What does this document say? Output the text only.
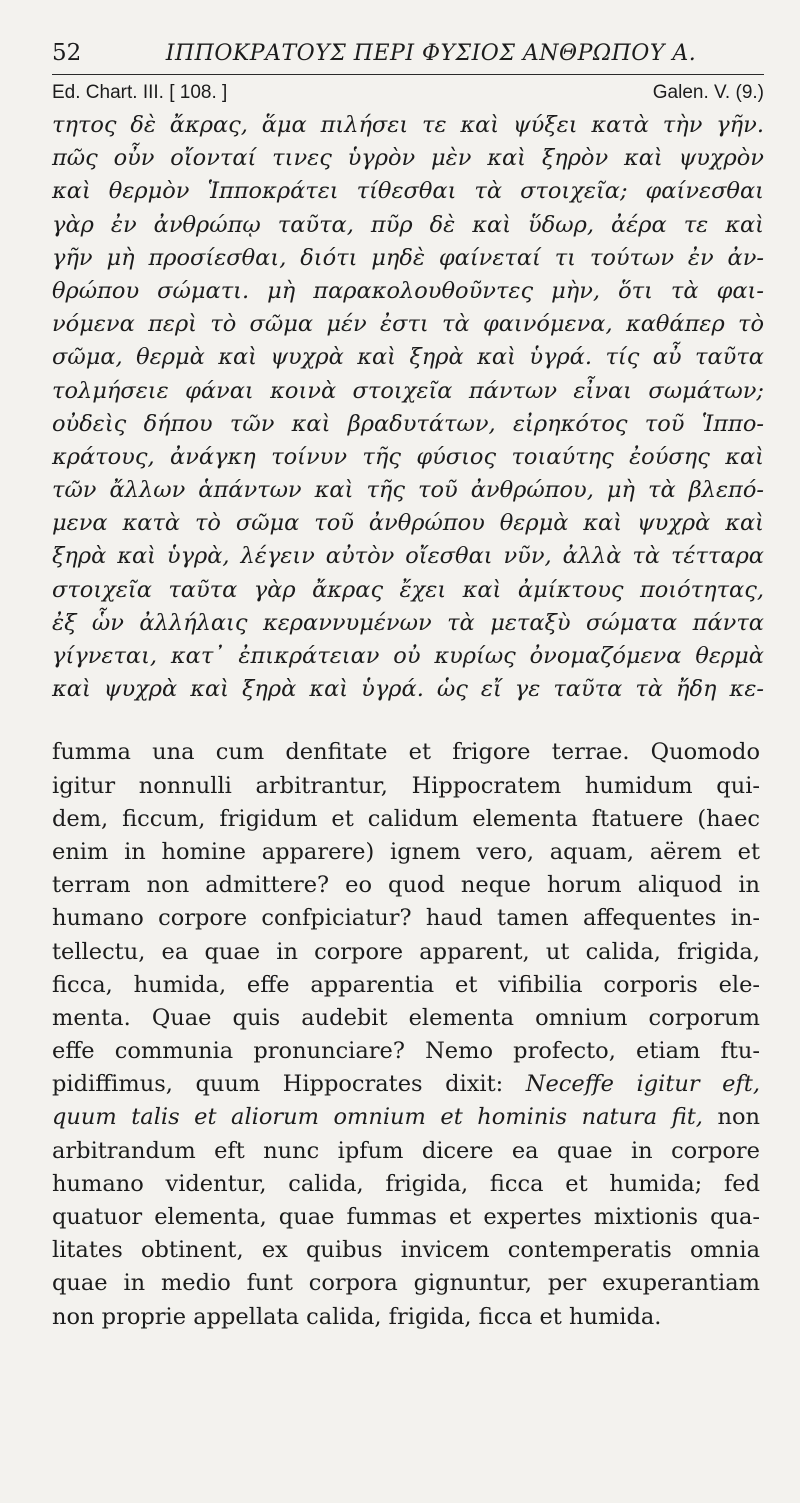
52	ΙΠΠΟΚΡΑΤΟΥΣ ΠΕΡΙ ΦΥΣΙΟΣ ΑΝΘΡΩΠΟΥ Α.
Ed. Chart. III. [ 108. ]	Galen. V. (9.)
τητος δὲ ἄκρας, ἅμα πιλήσει τε καὶ ψύξει κατὰ τὴν γῆν.
πῶς οὖν οἴονταί τινες ὑγρὸν μὲν καὶ ξηρὸν καὶ ψυχρὸν
καὶ θερμὸν Ἱπποκράτει τίθεσθαι τὰ στοιχεῖα; φαίνεσθαι
γὰρ ἐν ἀνθρώπῳ ταῦτα, πῦρ δὲ καὶ ὕδωρ, ἀέρα τε καὶ
γῆν μὴ προσίεσθαι, διότι μηδὲ φαίνεταί τι τούτων ἐν ἀν-
θρώπου σώματι. μὴ παρακολουθοῦντες μὴν, ὅτι τὰ φαι-
νόμενα περὶ τὸ σῶμα μέν ἐστι τὰ φαινόμενα, καθάπερ τὸ
σῶμα, θερμὰ καὶ ψυχρὰ καὶ ξηρὰ καὶ ὑγρά. τίς αὖ ταῦτα
τολμήσειε φάναι κοινὰ στοιχεῖα πάντων εἶναι σωμάτων;
οὐδεὶς δήπου τῶν καὶ βραδυτάτων, εἰρηκότος τοῦ Ἱππο-
κράτους, ἀνάγκη τοίνυν τῆς φύσιος τοιαύτης ἐούσης καὶ
τῶν ἄλλων ἁπάντων καὶ τῆς τοῦ ἀνθρώπου, μὴ τὰ βλεπό-
μενα κατὰ τὸ σῶμα τοῦ ἀνθρώπου θερμὰ καὶ ψυχρὰ καὶ
ξηρὰ καὶ ὑγρὰ, λέγειν αὐτὸν οἴεσθαι νῦν, ἀλλὰ τὰ τέτταρα
στοιχεῖα ταῦτα γὰρ ἄκρας ἔχει καὶ ἀμίκτους ποιότητας,
ἐξ ὧν ἀλλήλαις κεραννυμένων τὰ μεταξὺ σώματα πάντα
γίγνεται, κατ᾽ ἐπικράτειαν οὐ κυρίως ὀνομαζόμενα θερμὰ
καὶ ψυχρὰ καὶ ξηρὰ καὶ ὑγρά. ὡς εἴ γε ταῦτα τὰ ἤδη κε-
fumma una cum denfitate et frigore terrae. Quomodo
igitur nonnulli arbitrantur, Hippocratem humidum qui-
dem, ficcum, frigidum et calidum elementa ftatuere (haec
enim in homine apparere) ignem vero, aquam, aërem et
terram non admittere? eo quod neque horum aliquod in
humano corpore confpiciatur? haud tamen affequentes in-
tellectu, ea quae in corpore apparent, ut calida, frigida,
ficca, humida, effe apparentia et vifibilia corporis ele-
menta. Quae quis audebit elementa omnium corporum
effe communia pronunciare? Nemo profecto, etiam ftu-
pidiffimus, quum Hippocrates dixit: Neceffe igitur eft,
quum talis et aliorum omnium et hominis natura fit, non
arbitrandum eft nunc ipfum dicere ea quae in corpore
humano videntur, calida, frigida, ficca et humida; fed
quatuor elementa, quae fummas et expertes mixtionis qua-
litates obtinent, ex quibus invicem contemperatis omnia
quae in medio funt corpora gignuntur, per exuperantiam
non proprie appellata calida, frigida, ficca et humida.
